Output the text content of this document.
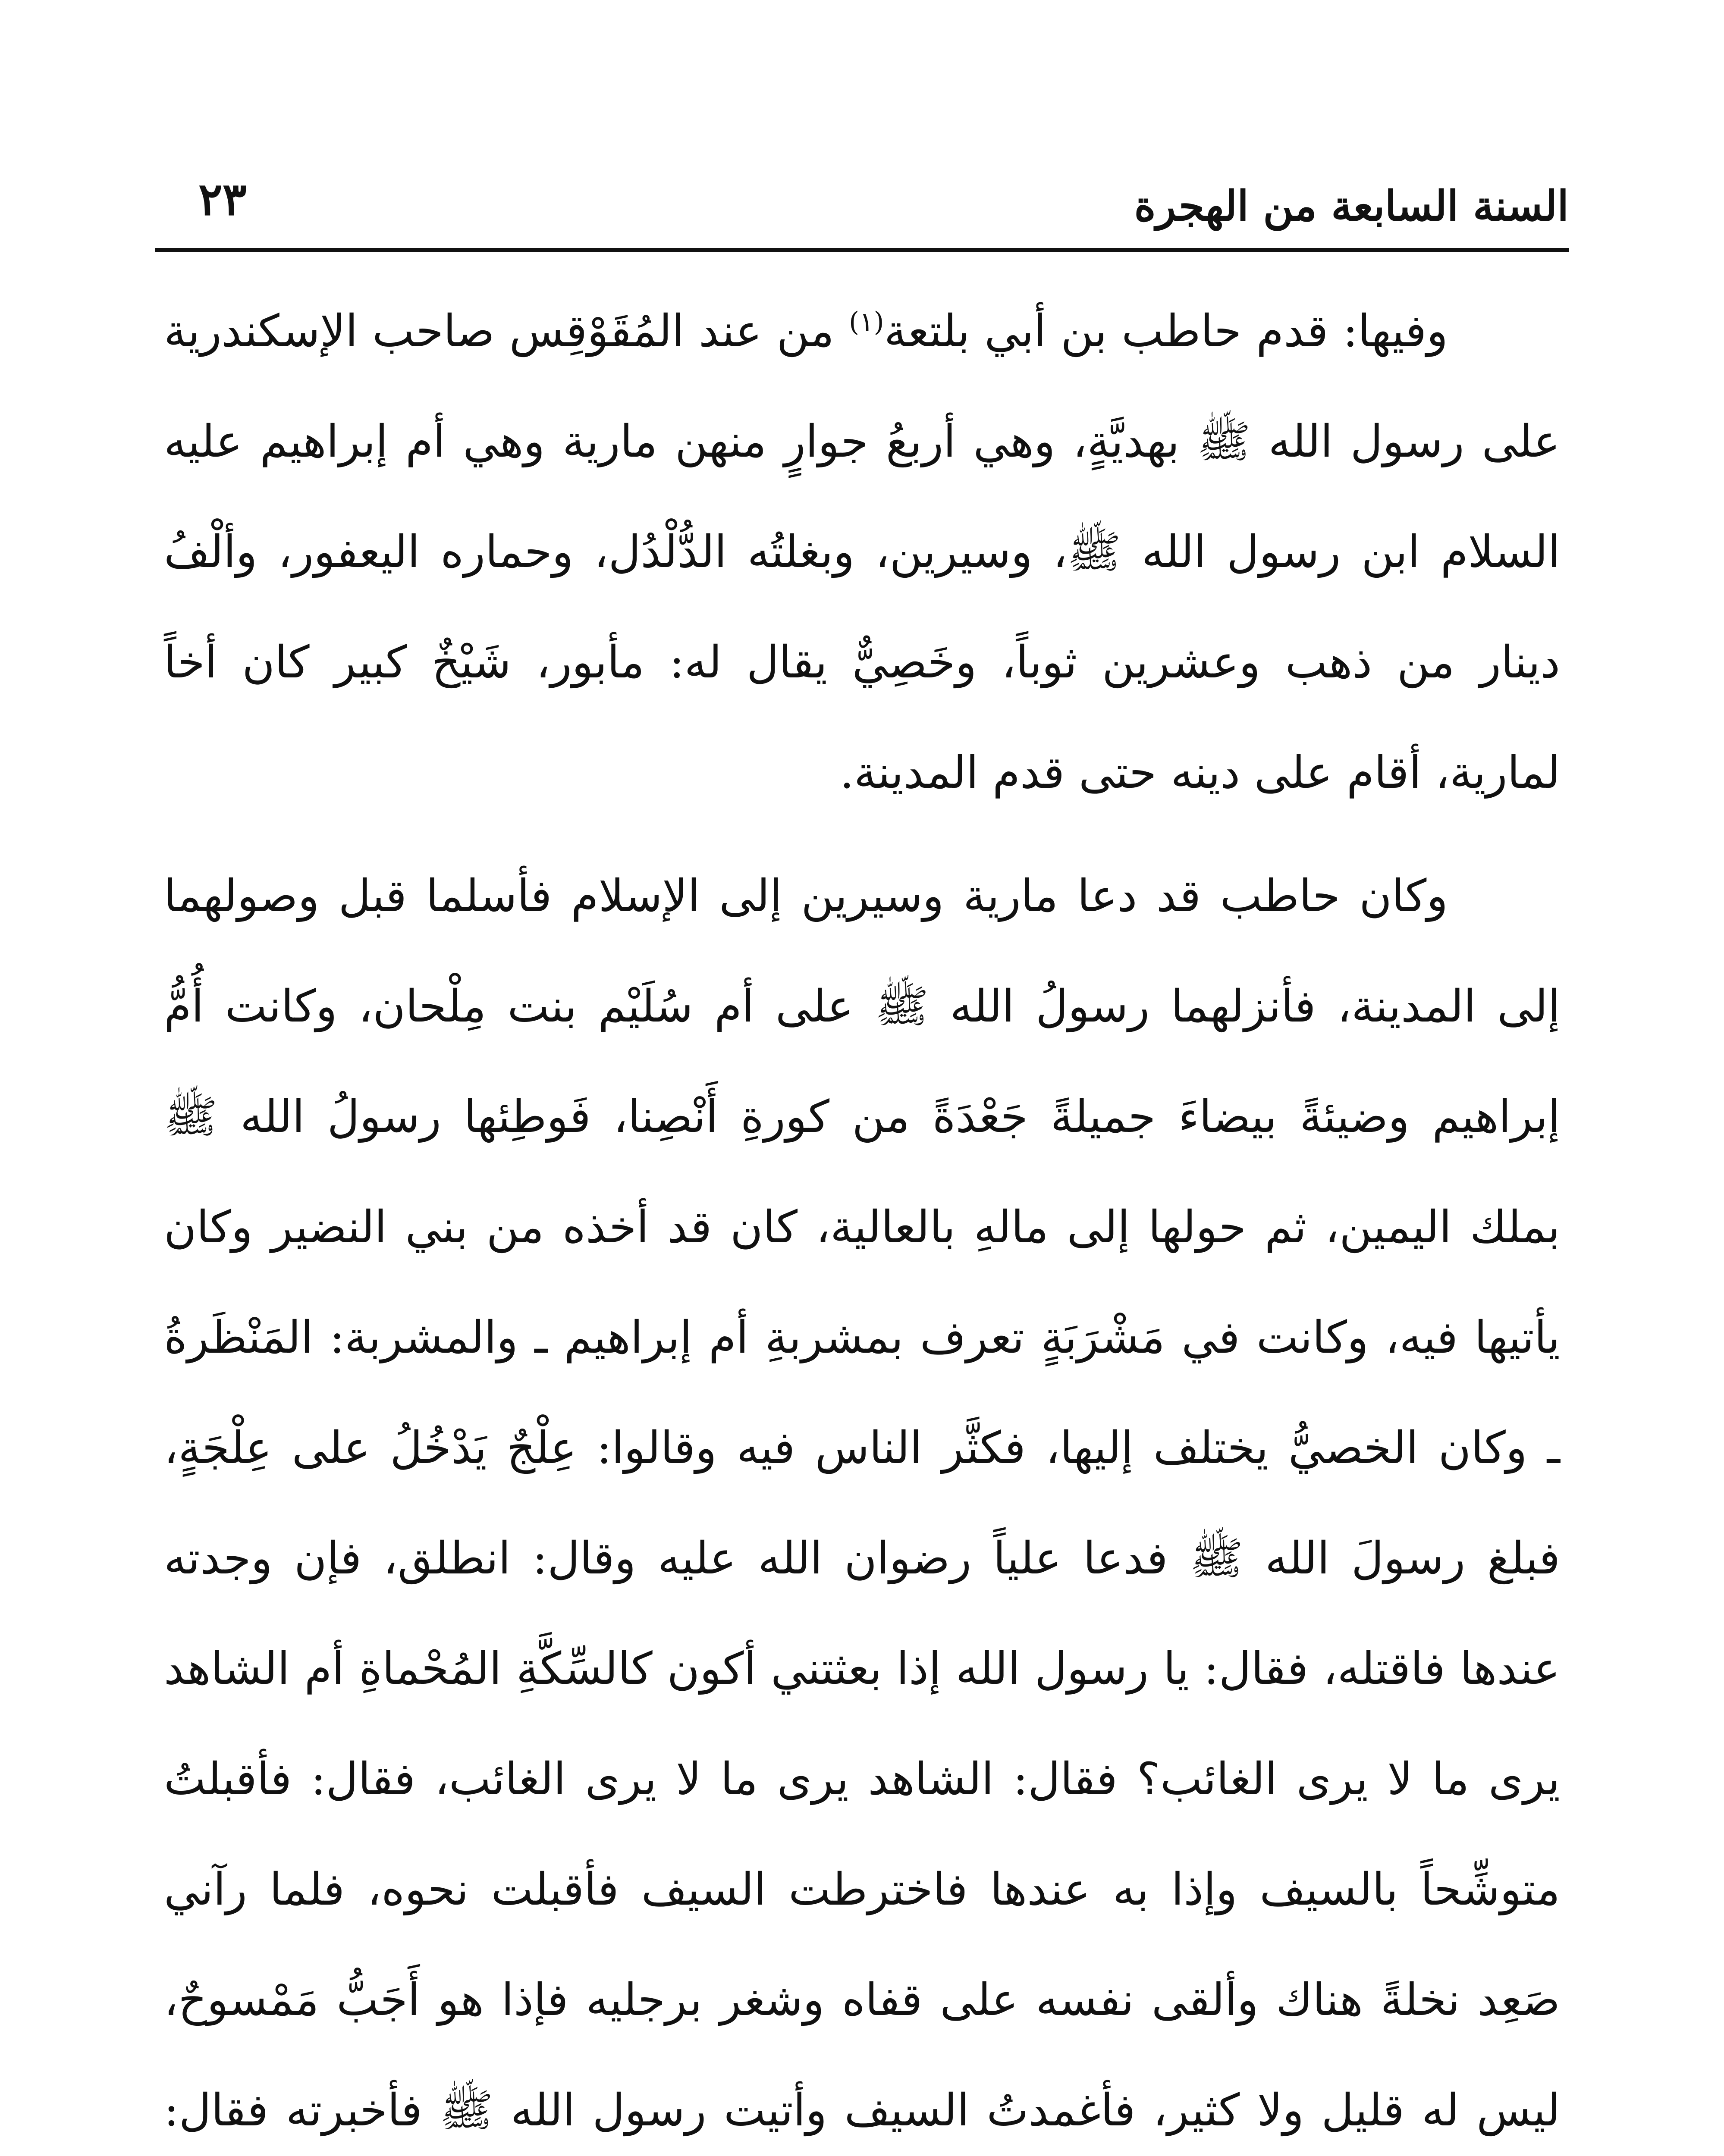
السنة السابعة من الهجرة
٢٣

وفيها: قدم حاطب بن أبي بلتعة$^{(١)}$ من عند المُقَوْقِس صاحب الإسكندرية على رسول الله ﷺ بهديَّةٍ، وهي أربعُ جوارٍ منهن مارية وهي أم إبراهيم عليه السلام ابن رسول الله ﷺ، وسيرين، وبغلتُه الدُّلْدُل، وحماره اليعفور، وألْفُ دينار من ذهب وعشرين ثوباً، وخَصِيٌّ يقال له: مأبور، شَيْخٌ كبير كان أخاً لمارية، أقام على دينه حتى قدم المدينة.

وكان حاطب قد دعا مارية وسيرين إلى الإسلام فأسلما قبل وصولهما إلى المدينة، فأنزلهما رسولُ الله ﷺ على أم سُلَيْم بنت مِلْحان، وكانت أُمُّ إبراهيم وضيئةً بيضاءَ جميلةً جَعْدَةً من كورةِ أَنْصِنا، فَوطِئها رسولُ الله ﷺ بملك اليمين، ثم حولها إلى مالهِ بالعالية، كان قد أخذه من بني النضير وكان يأتيها فيه، وكانت في مَشْرَبَةٍ تعرف بمشربةِ أم إبراهيم ـ والمشربة: المَنْظَرةُ ـ وكان الخصيُّ يختلف إليها، فكثَّر الناس فيه وقالوا: عِلْجٌ يَدْخُلُ على عِلْجَةٍ، فبلغ رسولَ الله ﷺ فدعا علياً رضوان الله عليه وقال: انطلق، فإن وجدته عندها فاقتله، فقال: يا رسول الله إذا بعثتني أكون كالسِّكَّةِ المُحْماةِ أم الشاهد يرى ما لا يرى الغائب؟ فقال: الشاهد يرى ما لا يرى الغائب، فقال: فأقبلتُ متوشِّحاً بالسيف وإذا به عندها فاخترطت السيف فأقبلت نحوه، فلما رآني صَعِد نخلةً هناك وألقى نفسه على قفاه وشغر برجليه فإذا هو أَجَبُّ مَمْسوحٌ، ليس له قليل ولا كثير، فأغمدتُ السيف وأتيت رسول الله ﷺ فأخبرته فقال:
